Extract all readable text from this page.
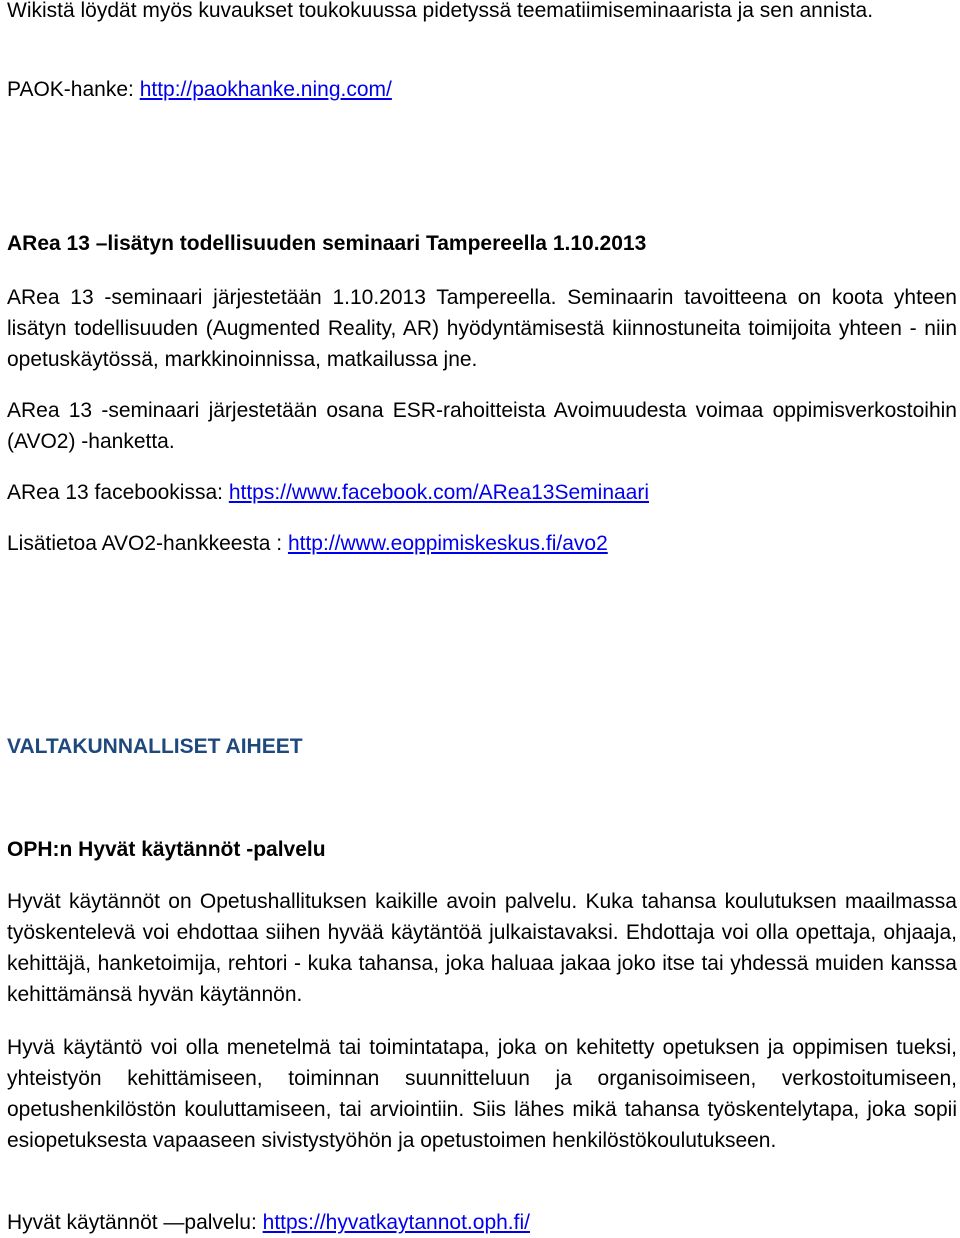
Wikistä löydät myös kuvaukset toukokuussa pidetyssä teematiimiseminaarista ja sen annista.

PAOK-hanke: http://paokhanke.ning.com/

ARea 13 –lisätyn todellisuuden seminaari Tampereella 1.10.2013

ARea 13 -seminaari järjestetään 1.10.2013 Tampereella. Seminaarin tavoitteena on koota yhteen lisätyn todellisuuden (Augmented Reality, AR) hyödyntämisestä kiinnostuneita toimijoita yhteen - niin opetuskäytössä, markkinoinnissa, matkailussa jne.

ARea 13 -seminaari järjestetään osana ESR-rahoitteista Avoimuudesta voimaa oppimisverkostoihin (AVO2) -hanketta.

ARea 13 facebookissa: https://www.facebook.com/ARea13Seminaari

Lisätietoa AVO2-hankkeesta : http://www.eoppimiskeskus.fi/avo2

VALTAKUNNALLISET AIHEET

OPH:n Hyvät käytännöt -palvelu

Hyvät käytännöt on Opetushallituksen kaikille avoin palvelu. Kuka tahansa koulutuksen maailmassa työskentelevä voi ehdottaa siihen hyvää käytäntöä julkaistavaksi. Ehdottaja voi olla opettaja, ohjaaja, kehittäjä, hanketoimija, rehtori - kuka tahansa, joka haluaa jakaa joko itse tai yhdessä muiden kanssa kehittämänsä hyvän käytännön.

Hyvä käytäntö voi olla menetelmä tai toimintatapa, joka on kehitetty opetuksen ja oppimisen tueksi, yhteistyön kehittämiseen, toiminnan suunnitteluun ja organisoimiseen, verkostoitumiseen, opetushenkilöstön kouluttamiseen, tai arviointiin. Siis lähes mikä tahansa työskentelytapa, joka sopii esiopetuksesta vapaaseen sivistystyöhön ja opetustoimen henkilöstökoulutukseen.

Hyvät käytännöt —palvelu: https://hyvatkaytannot.oph.fi/
